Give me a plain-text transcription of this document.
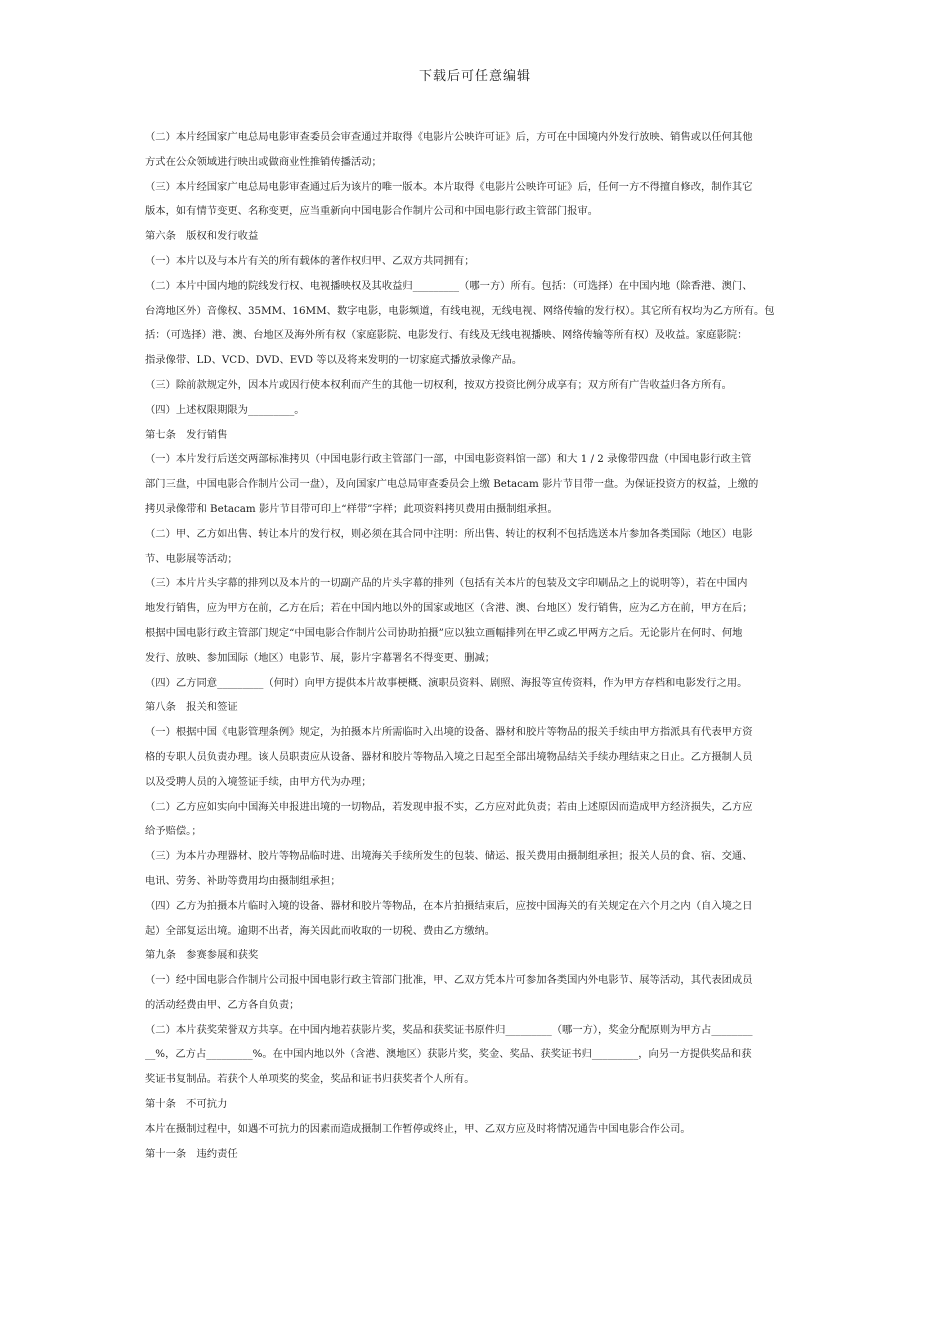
下载后可任意编辑
（二）本片经国家广电总局电影审查委员会审查通过并取得《电影片公映许可证》后，方可在中国境内外发行放映、销售或以任何其他
方式在公众领域进行映出或做商业性推销传播活动；
（三）本片经国家广电总局电影审查通过后为该片的唯一版本。本片取得《电影片公映许可证》后，任何一方不得擅自修改，制作其它
版本，如有情节变更、名称变更，应当重新向中国电影合作制片公司和中国电影行政主管部门报审。
第六条　版权和发行收益
（一）本片以及与本片有关的所有载体的著作权归甲、乙双方共同拥有；
（二）本片中国内地的院线发行权、电视播映权及其收益归_________（哪一方）所有。包括：（可选择）在中国内地（除香港、澳门、
台湾地区外）音像权、35MM、16MM、数字电影，电影频道，有线电视，无线电视、网络传输的发行权）。其它所有权均为乙方所有。包
括：（可选择）港、澳、台地区及海外所有权（家庭影院、电影发行、有线及无线电视播映、网络传输等所有权）及收益。家庭影院：
指录像带、LD、VCD、DVD、EVD 等以及将来发明的一切家庭式播放录像产品。
（三）除前款规定外，因本片或因行使本权利而产生的其他一切权利，按双方投资比例分成享有；双方所有广告收益归各方所有。
（四）上述权限期限为_________。
第七条　发行销售
（一）本片发行后送交两部标准拷贝（中国电影行政主管部门一部，中国电影资料馆一部）和大 1 / 2 录像带四盘（中国电影行政主管
部门三盘，中国电影合作制片公司一盘），及向国家广电总局审查委员会上缴 Betacam 影片节目带一盘。为保证投资方的权益，上缴的
拷贝录像带和 Betacam 影片节目带可印上“样带”字样；此项资料拷贝费用由摄制组承担。
（二）甲、乙方如出售、转让本片的发行权，则必须在其合同中注明：所出售、转让的权利不包括选送本片参加各类国际（地区）电影
节、电影展等活动；
（三）本片片头字幕的排列以及本片的一切副产品的片头字幕的排列（包括有关本片的包装及文字印刷品之上的说明等），若在中国内
地发行销售，应为甲方在前，乙方在后；若在中国内地以外的国家或地区（含港、澳、台地区）发行销售，应为乙方在前，甲方在后；
根据中国电影行政主管部门规定“中国电影合作制片公司协助拍摄”应以独立画幅排列在甲乙或乙甲两方之后。无论影片在何时、何地
发行、放映、参加国际（地区）电影节、展，影片字幕署名不得变更、删减；
（四）乙方同意_________（何时）向甲方提供本片故事梗概、演职员资料、剧照、海报等宣传资料，作为甲方存档和电影发行之用。
第八条　报关和签证
（一）根据中国《电影管理条例》规定，为拍摄本片所需临时入出境的设备、器材和胶片等物品的报关手续由甲方指派具有代表甲方资
格的专职人员负责办理。该人员职责应从设备、器材和胶片等物品入境之日起至全部出境物品结关手续办理结束之日止。乙方摄制人员
以及受聘人员的入境签证手续，由甲方代为办理；
（二）乙方应如实向中国海关申报进出境的一切物品，若发现申报不实，乙方应对此负责；若由上述原因而造成甲方经济损失，乙方应
给予赔偿。；
（三）为本片办理器材、胶片等物品临时进、出境海关手续所发生的包装、储运、报关费用由摄制组承担；报关人员的食、宿、交通、
电讯、劳务、补助等费用均由摄制组承担；
（四）乙方为拍摄本片临时入境的设备、器材和胶片等物品，在本片拍摄结束后，应按中国海关的有关规定在六个月之内（自入境之日
起）全部复运出境。逾期不出者，海关因此而收取的一切税、费由乙方缴纳。
第九条　参赛参展和获奖
（一）经中国电影合作制片公司报中国电影行政主管部门批准，甲、乙双方凭本片可参加各类国内外电影节、展等活动，其代表团成员
的活动经费由甲、乙方各自负责；
（二）本片获奖荣誉双方共享。在中国内地若获影片奖，奖品和获奖证书原件归_________（哪一方），奖金分配原则为甲方占________
__%，乙方占_________%。在中国内地以外（含港、澳地区）获影片奖，奖金、奖品、获奖证书归_________，向另一方提供奖品和获
奖证书复制品。若获个人单项奖的奖金，奖品和证书归获奖者个人所有。
第十条　不可抗力
本片在摄制过程中，如遇不可抗力的因素而造成摄制工作暂停或终止，甲、乙双方应及时将情况通告中国电影合作公司。
第十一条　违约责任
